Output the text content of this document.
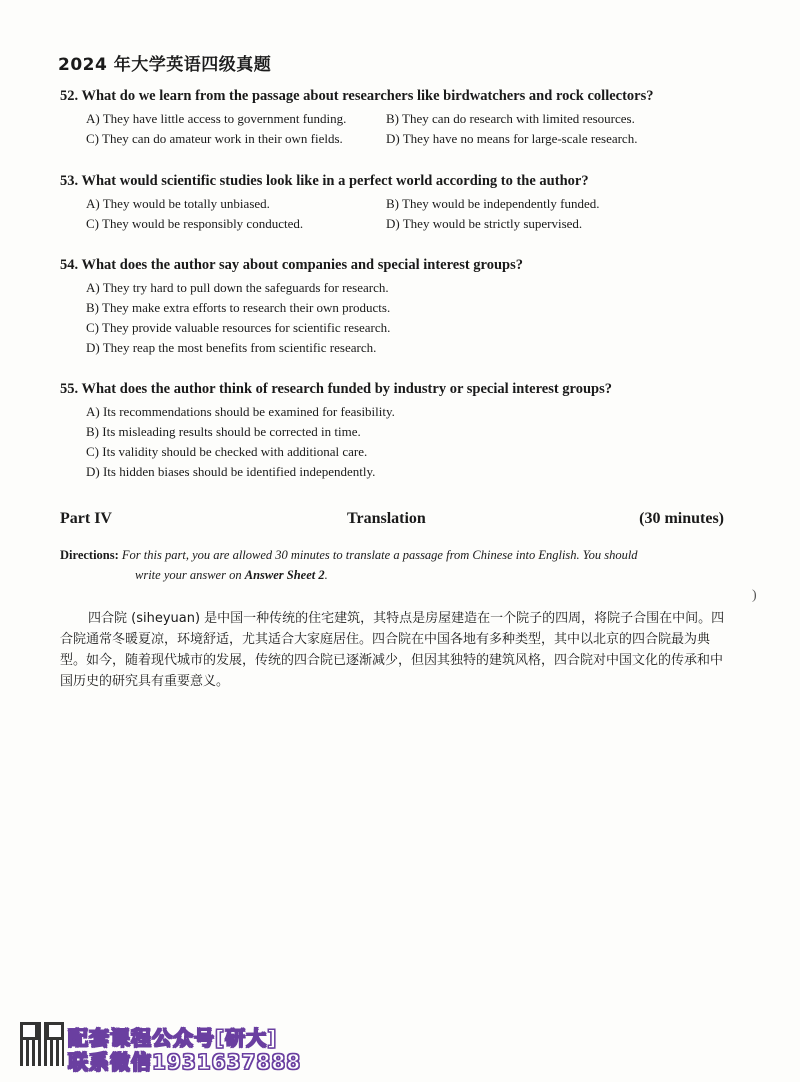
2024 年大学英语四级真题
52. What do we learn from the passage about researchers like birdwatchers and rock collectors?
A) They have little access to government funding.	B) They can do research with limited resources.
C) They can do amateur work in their own fields.	D) They have no means for large-scale research.
53. What would scientific studies look like in a perfect world according to the author?
A) They would be totally unbiased.	B) They would be independently funded.
C) They would be responsibly conducted.	D) They would be strictly supervised.
54. What does the author say about companies and special interest groups?
A) They try hard to pull down the safeguards for research.
B) They make extra efforts to research their own products.
C) They provide valuable resources for scientific research.
D) They reap the most benefits from scientific research.
55. What does the author think of research funded by industry or special interest groups?
A) Its recommendations should be examined for feasibility.
B) Its misleading results should be corrected in time.
C) Its validity should be checked with additional care.
D) Its hidden biases should be identified independently.
Part IV	Translation	(30 minutes)
Directions: For this part, you are allowed 30 minutes to translate a passage from Chinese into English. You should
write your answer on Answer Sheet 2.
)
四合院 (siheyuan) 是中国一种传统的住宅建筑，其特点是房屋建造在一个院子的四周，将院子合围在中间。四合院通常冬暖夏凉，环境舒适，尤其适合大家庭居住。四合院在中国各地有多种类型，其中以北京的四合院最为典型。如今，随着现代城市的发展，传统的四合院已逐渐减少，但因其独特的建筑风格，四合院对中国文化的传承和中国历史的研究具有重要意义。
配套课程公众号[研大]
联系微信1931637888
